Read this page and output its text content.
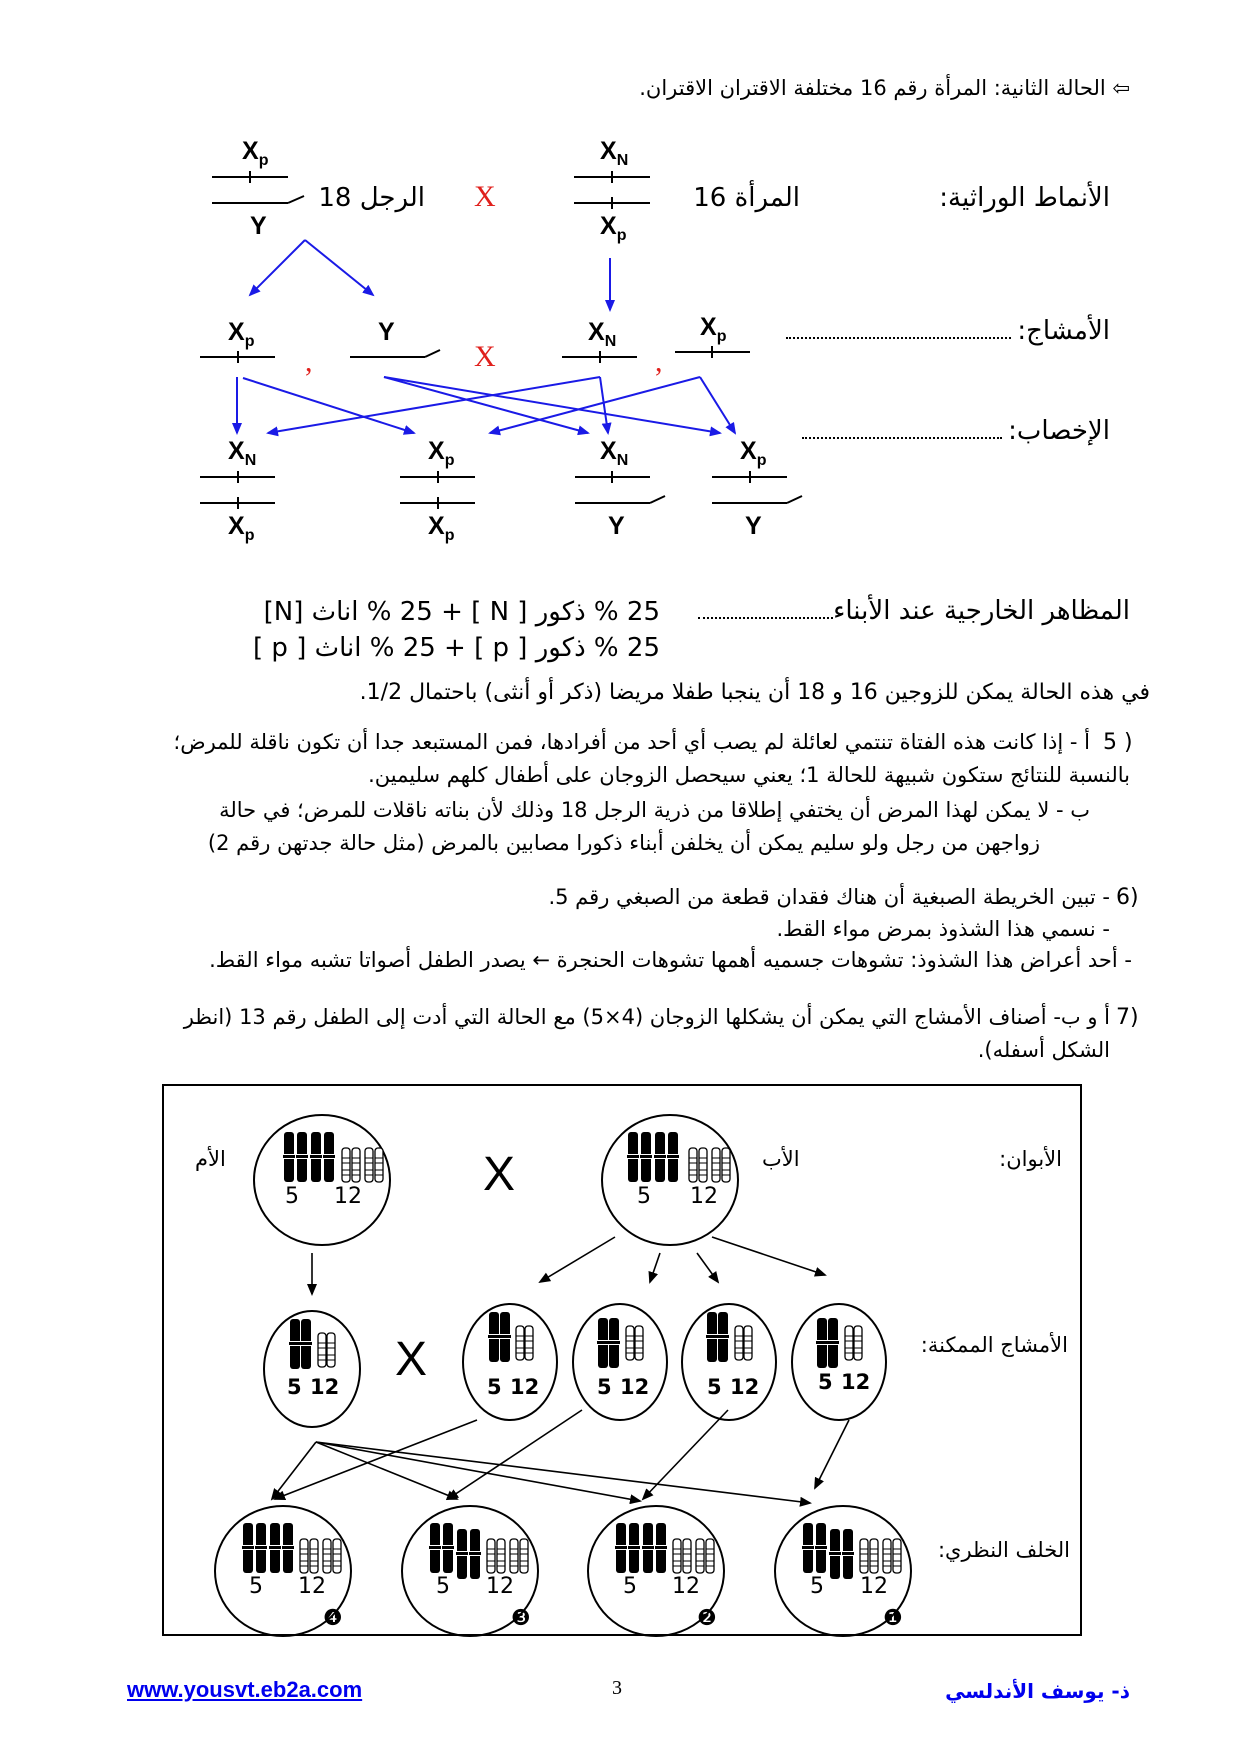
⇦ الحالة الثانية: المرأة رقم 16 مختلفة الاقتران الاقتران.
$X_p$
Y
الرجل 18 X
$X_N$
$X_p$
المرأة 16	الأنماط الوراثية:
$X_p$	Y
,	X
$X_N$
,
$X_p$	الأمشاج:
الإخصاب:
$X_N$
$X_p$
$X_p$
$X_p$
$X_N$
Y
$X_p$
Y
المظاهر الخارجية عند الأبناء
25 % ذكور [ N ] + 25 % اناث [N]
25 % ذكور [ p ] + 25 % اناث [ p ]
في هذه الحالة يمكن للزوجين 16 و 18 أن ينجبا طفلا مريضا (ذكر أو أنثى) باحتمال 1/2.
5 )
أ - إذا كانت هذه الفتاة تنتمي لعائلة لم يصب أي أحد من أفرادها، فمن المستبعد جدا أن تكون ناقلة للمرض؛
بالنسبة للنتائج ستكون شبيهة للحالة 1؛ يعني سيحصل الزوجان على أطفال كلهم سليمين.
ب - لا يمكن لهذا المرض أن يختفي إطلاقا من ذرية الرجل 18 وذلك لأن بناته ناقلات للمرض؛ في حالة
زواجهن من رجل ولو سليم يمكن أن يخلفن أبناء ذكورا مصابين بالمرض (مثل حالة جدتهن رقم 2)
6)
- تبين الخريطة الصبغية أن هناك فقدان قطعة من الصبغي رقم 5.
- نسمي هذا الشذوذ بمرض مواء القط.
- أحد أعراض هذا الشذوذ: تشوهات جسميه أهمها تشوهات الحنجرة ← يصدر الطفل أصواتا تشبه مواء القط.
7)
أ و ب- أصناف الأمشاج التي يمكن أن يشكلها الزوجان (4×5) مع الحالة التي أدت إلى الطفل رقم 13 (انظر
الشكل أسفله).
الأبوان:
الأم	الأب
X
X	الأمشاج الممكنة:
الخلف النظري:
5 12	5 12
5 12	5 12	5 12	5 12	5 12
5 12	5 12	5 12	5 12
❹	❸	❷	❶
www.yousvt.eb2a.com	3	ذ- يوسف الأندلسي
